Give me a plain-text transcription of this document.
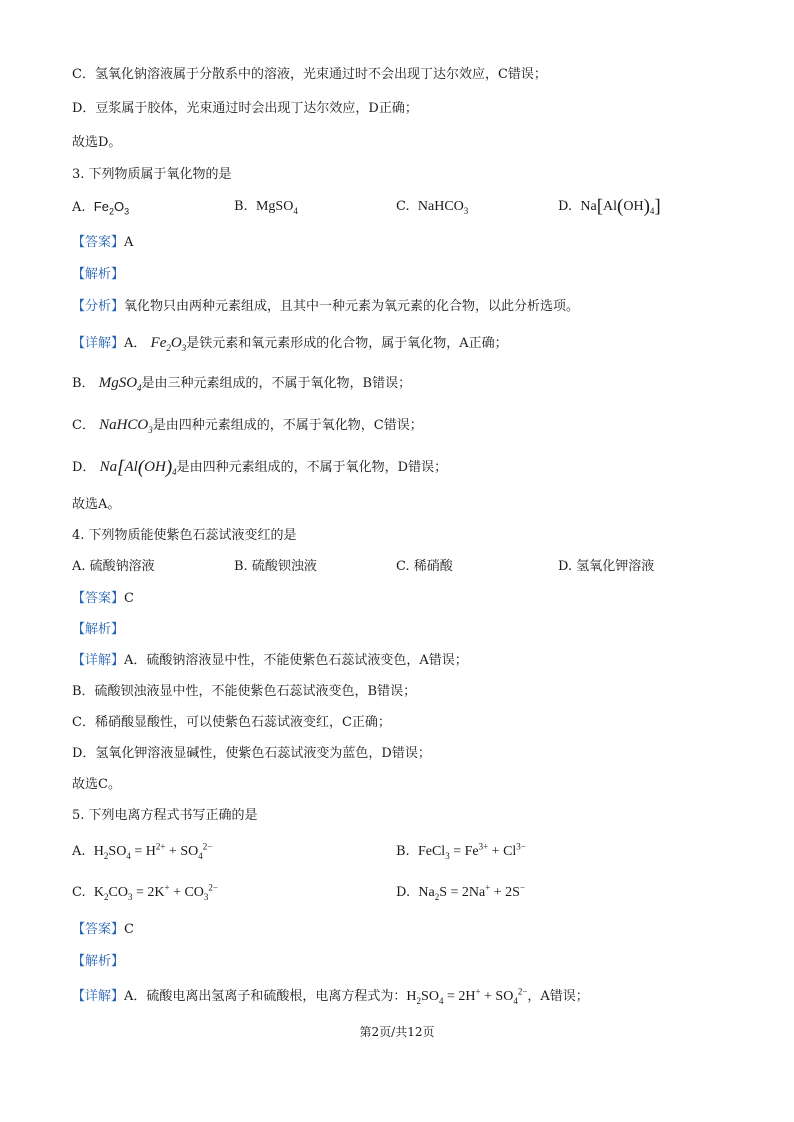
C．氢氧化钠溶液属于分散系中的溶液，光束通过时不会出现丁达尔效应，C错误；
D．豆浆属于胶体，光束通过时会出现丁达尔效应，D正确；
故选D。
3. 下列物质属于氧化物的是
A. $Fe_2O_3$	B. MgSO$_4$	C. NaHCO$_3$	D. $Na[Al(OH)_4]$
【答案】A
【解析】
【分析】氧化物只由两种元素组成，且其中一种元素为氧元素的化合物，以此分析选项。
【详解】A． $Fe_2O_3$是铁元素和氧元素形成的化合物，属于氧化物，A正确；
B． MgSO$_4$是由三种元素组成的，不属于氧化物，B错误；
C． NaHCO$_3$是由四种元素组成的，不属于氧化物，C错误；
D． $Na[Al(OH)_4$是由四种元素组成的，不属于氧化物，D错误；
故选A。
4. 下列物质能使紫色石蕊试液变红的是
A. 硫酸钠溶液	B. 硫酸钡浊液	C. 稀硝酸	D. 氢氧化钾溶液
【答案】C
【解析】
【详解】A．硫酸钠溶液显中性，不能使紫色石蕊试液变色，A错误；
B．硫酸钡浊液显中性，不能使紫色石蕊试液变色，B错误；
C．稀硝酸显酸性，可以使紫色石蕊试液变红，C正确；
D．氢氧化钾溶液显碱性，使紫色石蕊试液变为蓝色，D错误；
故选C。
5. 下列电离方程式书写正确的是
A. $H_2SO_4 = H^{2+} + SO_4^{2-}$	B. FeCl$_3$ = $Fe^{3+} + Cl^{3-}$
C. $K_2CO_3 = 2K^+ + CO_3^{2-}$	D. $Na_2S = 2Na^+ + 2S^-$
【答案】C
【解析】
【详解】A．硫酸电离出氢离子和硫酸根，电离方程式为：$H_2SO_4 = 2H^+ + SO_4^{2-}$，A错误；
第2页/共12页
